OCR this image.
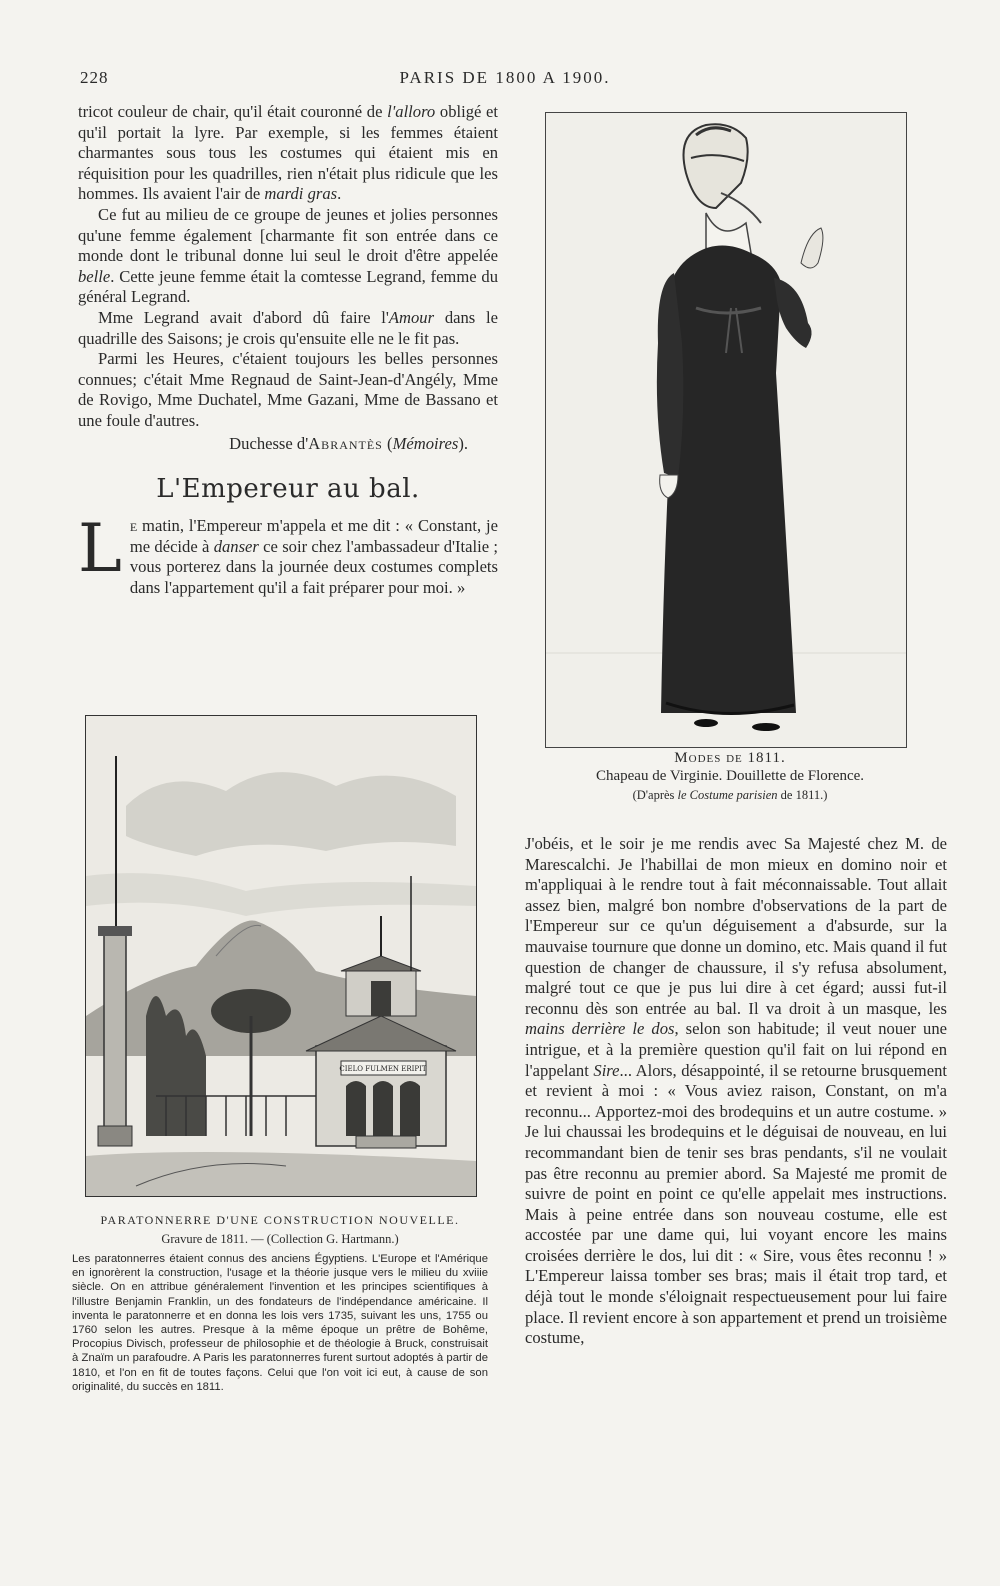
228	PARIS DE 1800 A 1900.

tricot couleur de chair, qu'il était couronné de l'alloro obligé et qu'il portait la lyre. Par exemple, si les femmes étaient charmantes sous tous les costumes qui étaient mis en réquisition pour les quadrilles, rien n'était plus ridicule que les hommes. Ils avaient l'air de mardi gras.

Ce fut au milieu de ce groupe de jeunes et jolies personnes qu'une femme également [charmante fit son entrée dans ce monde dont le tribunal donne lui seul le droit d'être appelée belle. Cette jeune femme était la comtesse Legrand, femme du général Legrand.

Mme Legrand avait d'abord dû faire l'Amour dans le quadrille des Saisons; je crois qu'ensuite elle ne le fit pas.

Parmi les Heures, c'étaient toujours les belles personnes connues; c'était Mme Regnaud de Saint-Jean-d'Angély, Mme de Rovigo, Mme Duchatel, Mme Gazani, Mme de Bassano et une foule d'autres.

Duchesse d'Abrantès (Mémoires).
L'Empereur au bal.

Le matin, l'Empereur m'appela et me dit : « Constant, je me décide à danser ce soir chez l'ambassadeur d'Italie ; vous porterez dans la journée deux costumes complets dans l'appartement qu'il a fait préparer pour moi. »

Modes de 1811.
Chapeau de Virginie. Douillette de Florence.
(D'après le Costume parisien de 1811.)
CIELO FULMEN ERIPIT
PARATONNERRE D'UNE CONSTRUCTION NOUVELLE.
Gravure de 1811. — (Collection G. Hartmann.)
Les paratonnerres étaient connus des anciens Égyptiens. L'Europe et l'Amérique en ignorèrent la construction, l'usage et la théorie jusque vers le milieu du xviiie siècle. On en attribue généralement l'invention et les principes scientifiques à l'illustre Benjamin Franklin, un des fondateurs de l'indépendance américaine. Il inventa le paratonnerre et en donna les lois vers 1735, suivant les uns, 1755 ou 1760 selon les autres. Presque à la même époque un prêtre de Bohême, Procopius Divisch, professeur de philosophie et de théologie à Bruck, construisait à Znaïm un parafoudre. A Paris les paratonnerres furent surtout adoptés à partir de 1810, et l'on en fit de toutes façons. Celui que l'on voit ici eut, à cause de son originalité, du succès en 1811.

J'obéis, et le soir je me rendis avec Sa Majesté chez M. de Marescalchi. Je l'habillai de mon mieux en domino noir et m'appliquai à le rendre tout à fait méconnaissable. Tout allait assez bien, malgré bon nombre d'observations de la part de l'Empereur sur ce qu'un déguisement a d'absurde, sur la mauvaise tournure que donne un domino, etc. Mais quand il fut question de changer de chaussure, il s'y refusa absolument, malgré tout ce que je pus lui dire à cet égard; aussi fut-il reconnu dès son entrée au bal. Il va droit à un masque, les mains derrière le dos, selon son habitude; il veut nouer une intrigue, et à la première question qu'il fait on lui répond en l'appelant Sire... Alors, désappointé, il se retourne brusquement et revient à moi : « Vous aviez raison, Constant, on m'a reconnu... Apportez-moi des brodequins et un autre costume. » Je lui chaussai les brodequins et le déguisai de nouveau, en lui recommandant bien de tenir ses bras pendants, s'il ne voulait pas être reconnu au premier abord. Sa Majesté me promit de suivre de point en point ce qu'elle appelait mes instructions. Mais à peine entrée dans son nouveau costume, elle est accostée par une dame qui, lui voyant encore les mains croisées derrière le dos, lui dit : « Sire, vous êtes reconnu ! » L'Empereur laissa tomber ses bras; mais il était trop tard, et déjà tout le monde s'éloignait respectueusement pour lui faire place. Il revient encore à son appartement et prend un troisième costume,
